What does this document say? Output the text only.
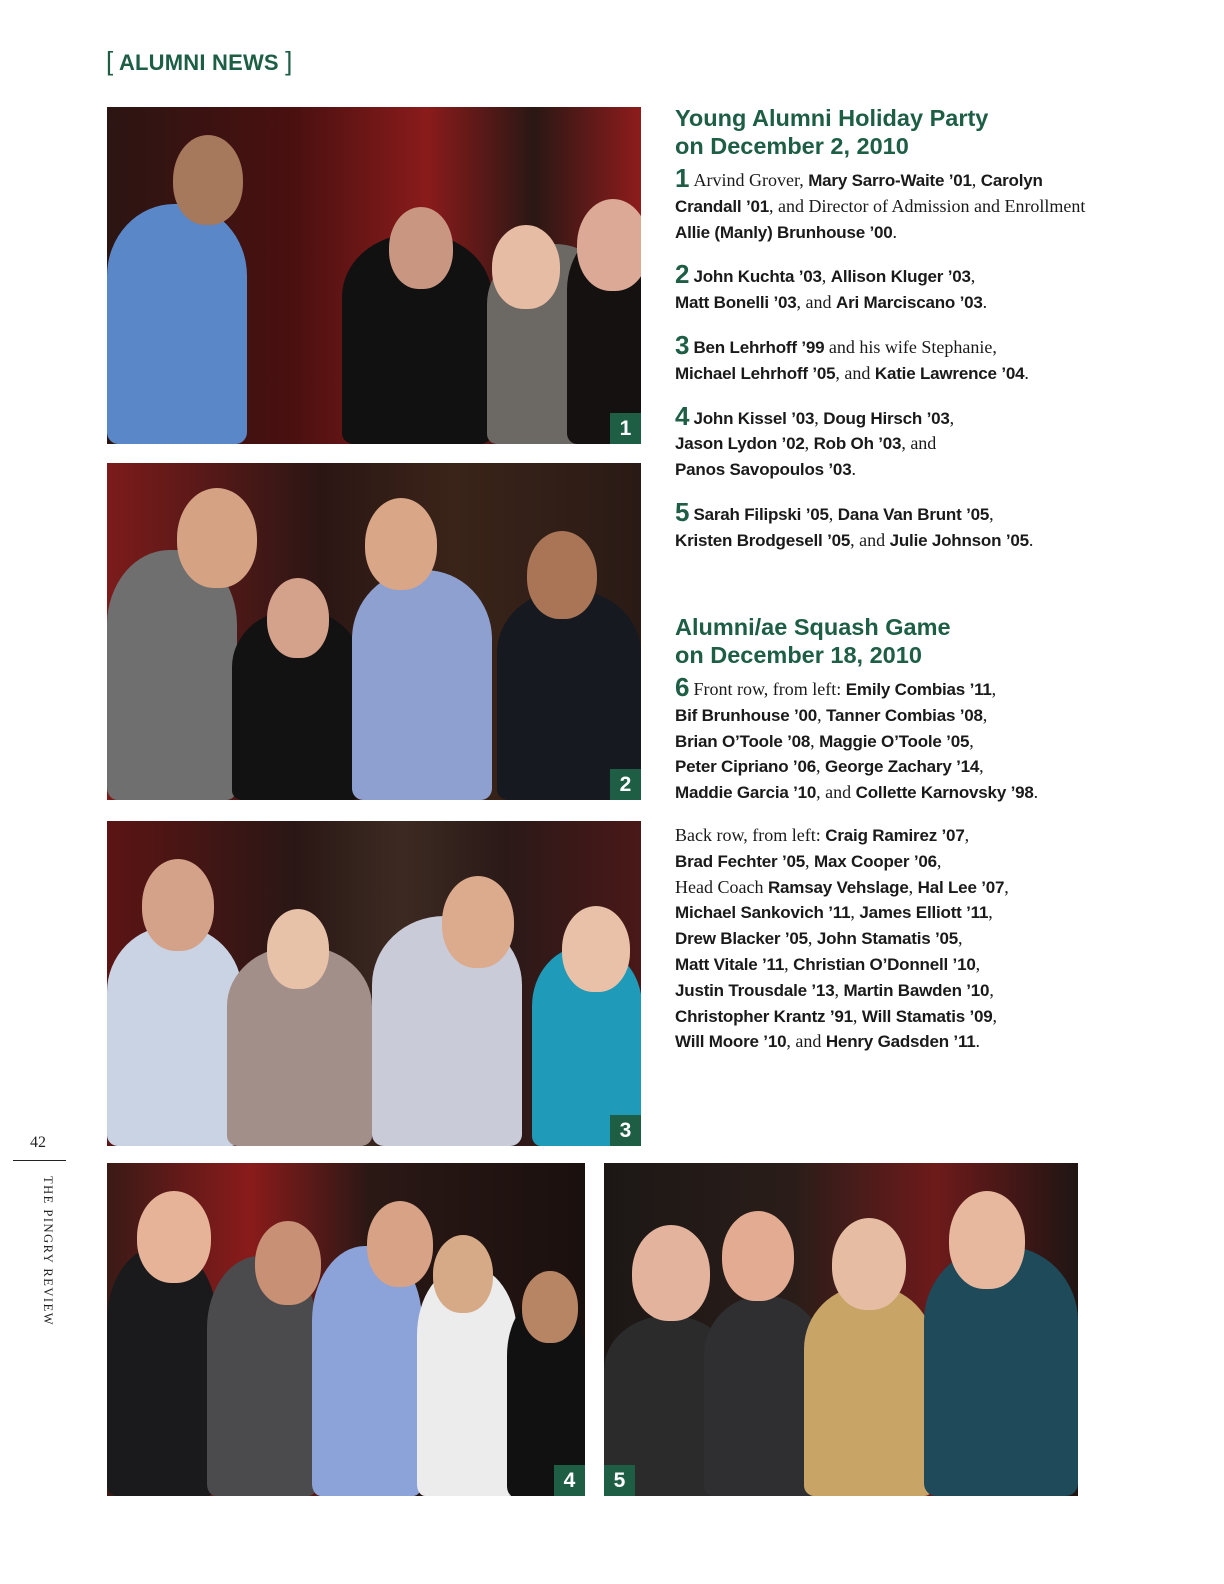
[ ALUMNI NEWS ]
1
2
3
4	5
Young Alumni Holiday Party
on December 2, 2010

1 Arvind Grover, Mary Sarro-Waite ’01, Carolyn Crandall ’01, and Director of Admission and Enrollment Allie (Manly) Brunhouse ’00.

2 John Kuchta ’03, Allison Kluger ’03,
Matt Bonelli ’03, and Ari Marciscano ’03.

3 Ben Lehrhoff ’99 and his wife Stephanie,
Michael Lehrhoff ’05, and Katie Lawrence ’04.

4 John Kissel ’03, Doug Hirsch ’03,
Jason Lydon ’02, Rob Oh ’03, and
Panos Savopoulos ’03.

5 Sarah Filipski ’05, Dana Van Brunt ’05,
Kristen Brodgesell ’05, and Julie Johnson ’05.

Alumni/ae Squash Game
on December 18, 2010

6 Front row, from left: Emily Combias ’11,
Bif Brunhouse ’00, Tanner Combias ’08,
Brian O’Toole ’08, Maggie O’Toole ’05,
Peter Cipriano ’06, George Zachary ’14,
Maddie Garcia ’10, and Collette Karnovsky ’98.

Back row, from left: Craig Ramirez ’07,
Brad Fechter ’05, Max Cooper ’06,
Head Coach Ramsay Vehslage, Hal Lee ’07,
Michael Sankovich ’11, James Elliott ’11,
Drew Blacker ’05, John Stamatis ’05,
Matt Vitale ’11, Christian O’Donnell ’10,
Justin Trousdale ’13, Martin Bawden ’10,
Christopher Krantz ’91, Will Stamatis ’09,
Will Moore ’10, and Henry Gadsden ’11.

42
THE PINGRY REVIEW
